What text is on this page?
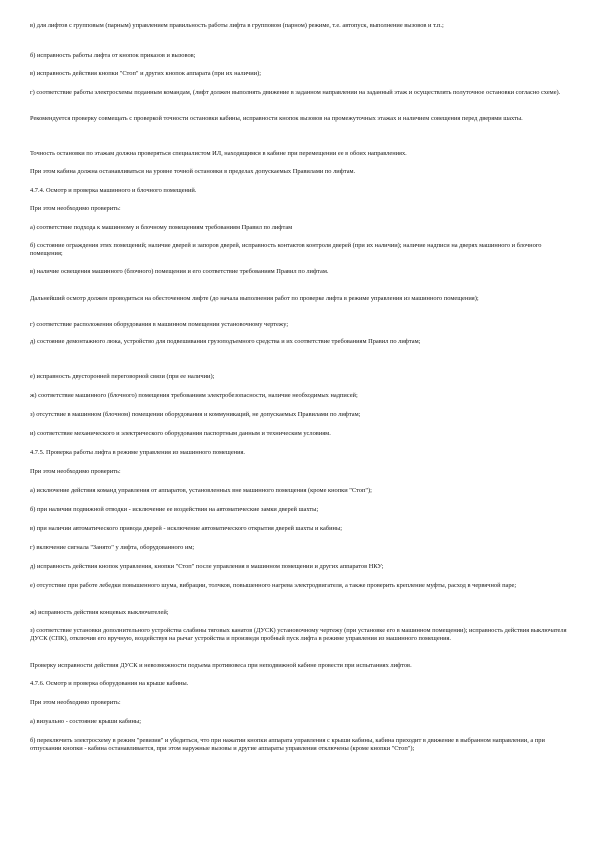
в) для лифтов с групповым (парным) управлением правильность работы лифта в групповом (парном) режиме, т.е. автопуск, выполнение вызовов и т.п.;

б) исправность работы лифта от кнопок приказов и вызовов;

в) исправность действия кнопки "Стоп" и других кнопок аппарата (при их наличии);

г) соответствие работы электросхемы поданным командам, (лифт должен выполнять движение в заданном направлении на заданный этаж и осуществлять полуточное остановки согласно схеме).

Рекомендуется проверку совмещать с проверкой точности остановки кабины, исправности кнопок вызовов на промежуточных этажах и наличием совещения перед дверями шахты.

Точность остановки по этажам должна проверяться специалистом ИЛ, находящимся в кабине при перемещении ее в обоих направлениях.

При этом кабина должна останавливаться на уровне точной остановки в пределах допускаемых Правилами по лифтам.

4.7.4. Осмотр и проверка машинного и блочного помещений.

При этом необходимо проверить:

а) соответствие подхода к машинному и блочному помещениям требованиям Правил по лифтам

б) состояние ограждения этих помещений; наличие дверей и запоров дверей, исправность контактов контроля дверей (при их наличии); наличие надписи на дверях машинного и блочного помещения;

в) наличие освещения машинного (блочного) помещения и его соответствие требованиям Правил по лифтам.

Дальнейший осмотр должен проводиться на обесточенном лифте (до начала выполнения работ по проверке лифта в режиме управления из машинного помещения);

г) соответствие расположения оборудования в машинном помещении установочному чертежу;

д) состояние демонтажного люка, устройство для подвешивания грузоподъемного средства и их соответствие требованиям Правил по лифтам;

е) исправность двусторонней переговорной связи (при ее наличии);

ж) соответствие машинного (блочного) помещения требованиям электробезопасности, наличие необходимых надписей;

з) отсутствие в машинном (блочном) помещении оборудования и коммуникаций, не допускаемых Правилами по лифтам;

и) соответствие механического и электрического оборудования паспортным данным и техническим условиям.

4.7.5. Проверка работы лифта в режиме управления из машинного помещения.

При этом необходимо проверить:

а) исключение действия команд управления от аппаратов, установленных вне машинного помещения (кроме кнопки "Стоп");

б) при наличии подвижной отводки - исключение ее воздействия на автоматические замки дверей шахты;

в) при наличии автоматического привода дверей - исключение автоматического открытия дверей шахты и кабины;

г) включение сигнала "Занято" у лифта, оборудованного им;

д) исправность действия кнопок управления, кнопки "Стоп" после управления в машинном помещении и других аппаратов НКУ;

е) отсутствие при работе лебедки повышенного шума, вибрации, толчков, повышенного нагрева электродвигателя, а также проверить крепление муфты, расход в червячной паре;

ж) исправность действия концевых выключателей;

з) соответствие установки дополнительного устройства слабины тяговых канатов (ДУСК) установочному чертежу (при установке его в машинном помещении); исправность действия выключателя ДУСК (СПК), отключив его вручную, воздействуя на рычаг устройства и произведя пробный пуск лифта в режиме управления из машинного помещения.

Проверку исправности действия ДУСК и невозможности подъема противовеса при неподвижной кабине провести при испытаниях лифтов.

4.7.6. Осмотр и проверка оборудования на крыше кабины.

При этом необходимо проверить:

а) визуально - состояние крыши кабины;

б) переключить электросхему в режим "ревизия" и убедиться, что при нажатии кнопки аппарата управления с крыши кабины, кабина приходит в движение в выбранном направлении, а при отпускании кнопки - кабина останавливается, при этом наружные вызовы и другие аппараты управления отключены (кроме кнопки "Стоп");
